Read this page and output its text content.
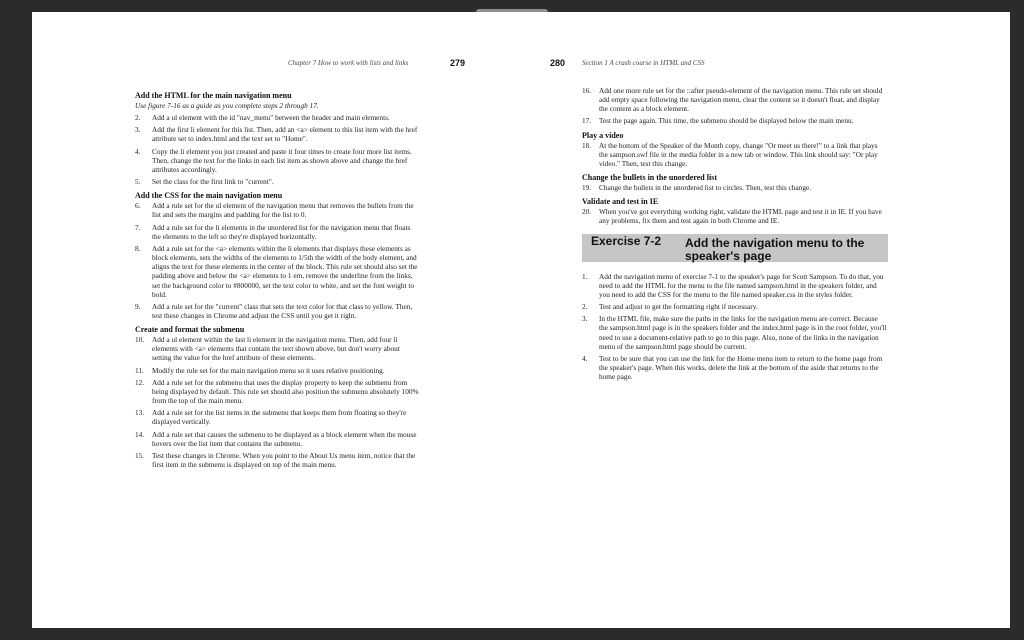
Chapter 7 How to work with lists and links	279	280 Section 1 A crash course in HTML and CSS
Add the HTML for the main navigation menu
Use figure 7-16 as a guide as you complete steps 2 through 17.
2. Add a ul element with the id "nav_menu" between the header and main elements.
3. Add the first li element for this list. Then, add an <a> element to this list item with the href attribute set to index.html and the text set to "Home".
4. Copy the li element you just created and paste it four times to create four more list items. Then, change the text for the links in each list item as shown above and change the href attributes accordingly.
5. Set the class for the first link to "current".
Add the CSS for the main navigation menu
6. Add a rule set for the ul element of the navigation menu that removes the bullets from the list and sets the margins and padding for the list to 0.
7. Add a rule set for the li elements in the unordered list for the navigation menu that floats the elements to the left so they're displayed horizontally.
8. Add a rule set for the <a> elements within the li elements that displays these elements as block elements, sets the widths of the elements to 1/5th the width of the body element, and aligns the text for these elements in the center of the block. This rule set should also set the padding above and below the <a> elements to 1 em, remove the underline from the links, set the background color to #800000, set the text color to white, and set the font weight to bold.
9. Add a rule set for the "current" class that sets the text color for that class to yellow. Then, test these changes in Chrome and adjust the CSS until you get it right.
Create and format the submenu
10. Add a ul element within the last li element in the navigation menu. Then, add four li elements with <a> elements that contain the text shown above, but don't worry about setting the value for the href attribute of these elements.
11. Modify the rule set for the main navigation menu so it uses relative positioning.
12. Add a rule set for the submenu that uses the display property to keep the submenu from being displayed by default. This rule set should also position the submenu absolutely 100% from the top of the main menu.
13. Add a rule set for the list items in the submenu that keeps them from floating so they're displayed vertically.
14. Add a rule set that causes the submenu to be displayed as a block element when the mouse hovers over the list item that contains the submenu.
15. Test these changes in Chrome. When you point to the About Us menu item, notice that the first item in the submenu is displayed on top of the main menu.
16. Add one more rule set for the ::after pseudo-element of the navigation menu. This rule set should add empty space following the navigation menu, clear the content so it doesn't float, and display the content as a block element.
17. Test the page again. This time, the submenu should be displayed below the main menu.
Play a video
18. At the bottom of the Speaker of the Month copy, change "Or meet us there!" to a link that plays the sampson.swf file in the media folder in a new tab or window. This link should say: "Or play video." Then, test this change.
Change the bullets in the unordered list
19. Change the bullets in the unordered list to circles. Then, test this change.
Validate and test in IE
20. When you've got everything working right, validate the HTML page and test it in IE. If you have any problems, fix them and test again in both Chrome and IE.
Exercise 7-2 Add the navigation menu to the speaker's page
1. Add the navigation menu of exercise 7-1 to the speaker's page for Scott Sampson. To do that, you need to add the HTML for the menu to the file named sampson.html in the speakers folder, and you need to add the CSS for the menu to the file named speaker.css in the styles folder.
2. Test and adjust to get the formatting right if necessary.
3. In the HTML file, make sure the paths in the links for the navigation menu are correct. Because the sampson.html page is in the speakers folder and the index.html page is in the root folder, you'll need to use a document-relative path to go to this page. Also, none of the links in the navigation menu of the sampson.html page should be current.
4. Test to be sure that you can use the link for the Home menu item to return to the home page from the speaker's page. When this works, delete the link at the bottom of the aside that returns to the home page.
